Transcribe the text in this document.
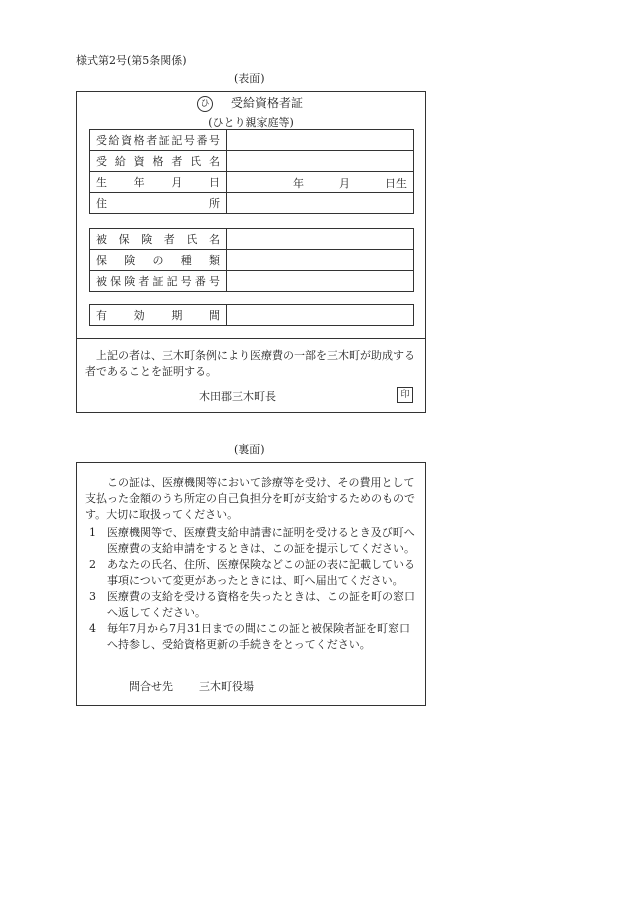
様式第2号(第5条関係)
(表面)
ひ 受給資格者証
(ひとり親家庭等)
受給資格者証記号番号	
受給資格者氏名	
生年月日	年 月 日生

住所	
被保険者氏名	
保険の種類	
被保険者証記号番号	
有効期間	
上記の者は、三木町条例により医療費の一部を三木町が助成する者であることを証明する。
木田郡三木町長	印
(裏面)
この証は、医療機関等において診療等を受け、その費用として支払った金額のうち所定の自己負担分を町が支給するためのものです。大切に取扱ってください。
1 医療機関等で、医療費支給申請書に証明を受けるとき及び町へ医療費の支給申請をするときは、この証を提示してください。
2 あなたの氏名、住所、医療保険などこの証の表に記載している事項について変更があったときには、町へ届出てください。
3 医療費の支給を受ける資格を失ったときは、この証を町の窓口へ返してください。
4 毎年7月から7月31日までの間にこの証と被保険者証を町窓口へ持参し、受給資格更新の手続きをとってください。
問合せ先 三木町役場
